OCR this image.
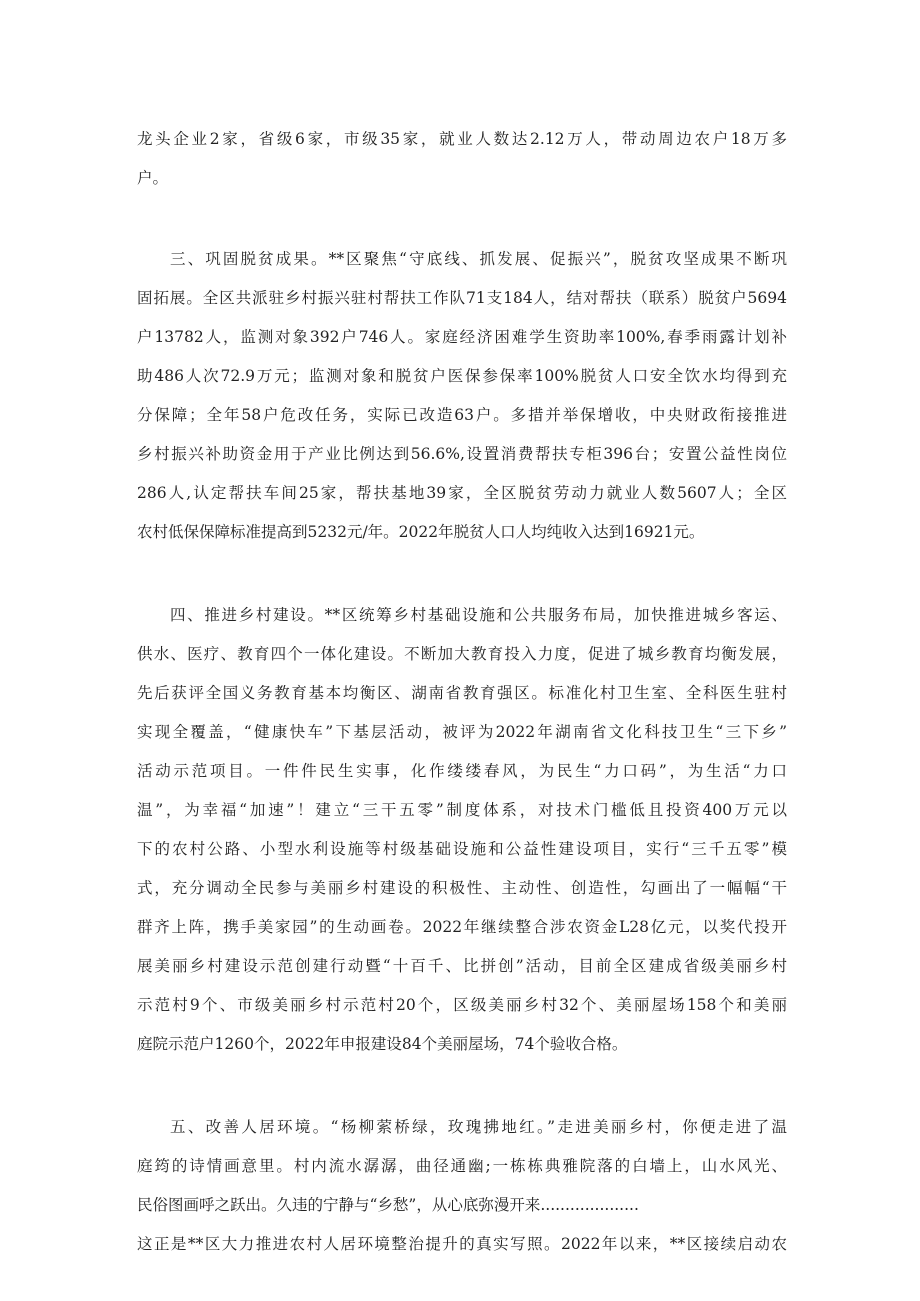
龙头企业2家，省级6家，市级35家，就业人数达2.12万人，带动周边农户18万多
户。
三、巩固脱贫成果。**区聚焦“守底线、抓发展、促振兴”，脱贫攻坚成果不断巩
固拓展。全区共派驻乡村振兴驻村帮扶工作队71支184人，结对帮扶（联系）脱贫户5694
户13782人，监测对象392户746人。家庭经济困难学生资助率100%,春季雨露计划补
助486人次72.9万元；监测对象和脱贫户医保参保率100%脱贫人口安全饮水均得到充
分保障；全年58户危改任务，实际已改造63户。多措并举保增收，中央财政衔接推进
乡村振兴补助资金用于产业比例达到56.6%,设置消费帮扶专柜396台；安置公益性岗位
286人,认定帮扶车间25家，帮扶基地39家，全区脱贫劳动力就业人数5607人；全区
农村低保保障标准提高到5232元/年。2022年脱贫人口人均纯收入达到16921元。
四、推进乡村建设。**区统筹乡村基础设施和公共服务布局，加快推进城乡客运、
供水、医疗、教育四个一体化建设。不断加大教育投入力度，促进了城乡教育均衡发展，
先后获评全国义务教育基本均衡区、湖南省教育强区。标准化村卫生室、全科医生驻村
实现全覆盖，“健康快车”下基层活动，被评为2022年湖南省文化科技卫生“三下乡”
活动示范项目。一件件民生实事，化作缕缕春风，为民生“力口码”，为生活“力口
温”，为幸福“加速”！建立“三干五零”制度体系，对技术门槛低且投资400万元以
下的农村公路、小型水利设施等村级基础设施和公益性建设项目，实行“三千五零”模
式，充分调动全民参与美丽乡村建设的积极性、主动性、创造性，勾画出了一幅幅“干
群齐上阵，携手美家园”的生动画卷。2022年继续整合涉农资金L28亿元，以奖代投开
展美丽乡村建设示范创建行动暨“十百千、比拼创”活动，目前全区建成省级美丽乡村
示范村9个、市级美丽乡村示范村20个，区级美丽乡村32个、美丽屋场158个和美丽
庭院示范户1260个，2022年申报建设84个美丽屋场，74个验收合格。
五、改善人居环境。“杨柳萦桥绿，玫瑰拂地红。”走进美丽乡村，你便走进了温
庭筠的诗情画意里。村内流水潺潺，曲径通幽;一栋栋典雅院落的白墙上，山水风光、
民俗图画呼之跃出。久违的宁静与“乡愁”，从心底弥漫开来....................
这正是**区大力推进农村人居环境整治提升的真实写照。2022年以来，**区接续启动农
